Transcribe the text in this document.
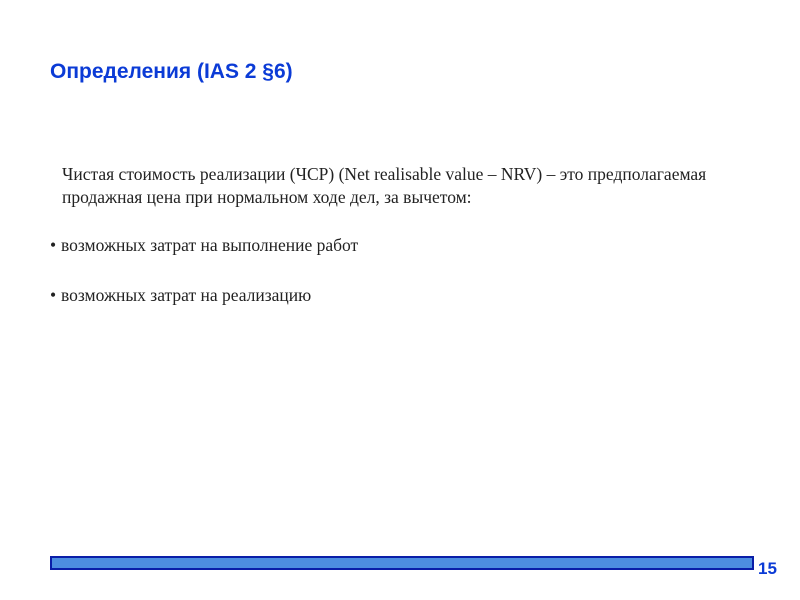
Определения (IAS 2 §6)

Чистая стоимость реализации (ЧСР) (Net realisable value – NRV) – это предполагаемая продажная цена при нормальном ходе дел, за вычетом:

• возможных затрат на выполнение работ
• возможных затрат на реализацию
15
